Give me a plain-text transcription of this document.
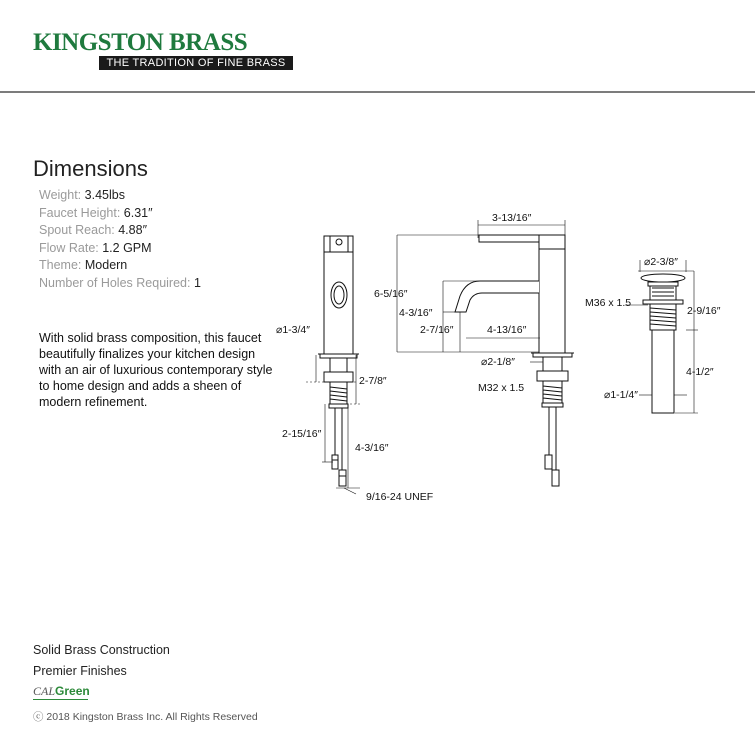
KINGSTON BRASS
THE TRADITION OF FINE BRASS
Dimensions
Weight: 3.45lbs
Faucet Height: 6.31″
Spout Reach: 4.88″
Flow Rate: 1.2 GPM
Theme: Modern
Number of Holes Required: 1
With solid brass composition, this faucet beautifully finalizes your kitchen design with an air of luxurious contemporary style to home design and adds a sheen of modern refinement.
⌀1-3/4″
2-7/8″
2-15/16″
4-3/16″
9/16-24 UNEF
3-13/16″
6-5/16″
4-3/16″
2-7/16″	4-13/16″
⌀2-1/8″
M32 x 1.5
⌀2-3/8″
M36 x 1.5
2-9/16″
4-1/2″
⌀1-1/4″
Solid Brass Construction
Premier Finishes
CALGreen
ⓒ 2018 Kingston Brass Inc. All Rights Reserved
